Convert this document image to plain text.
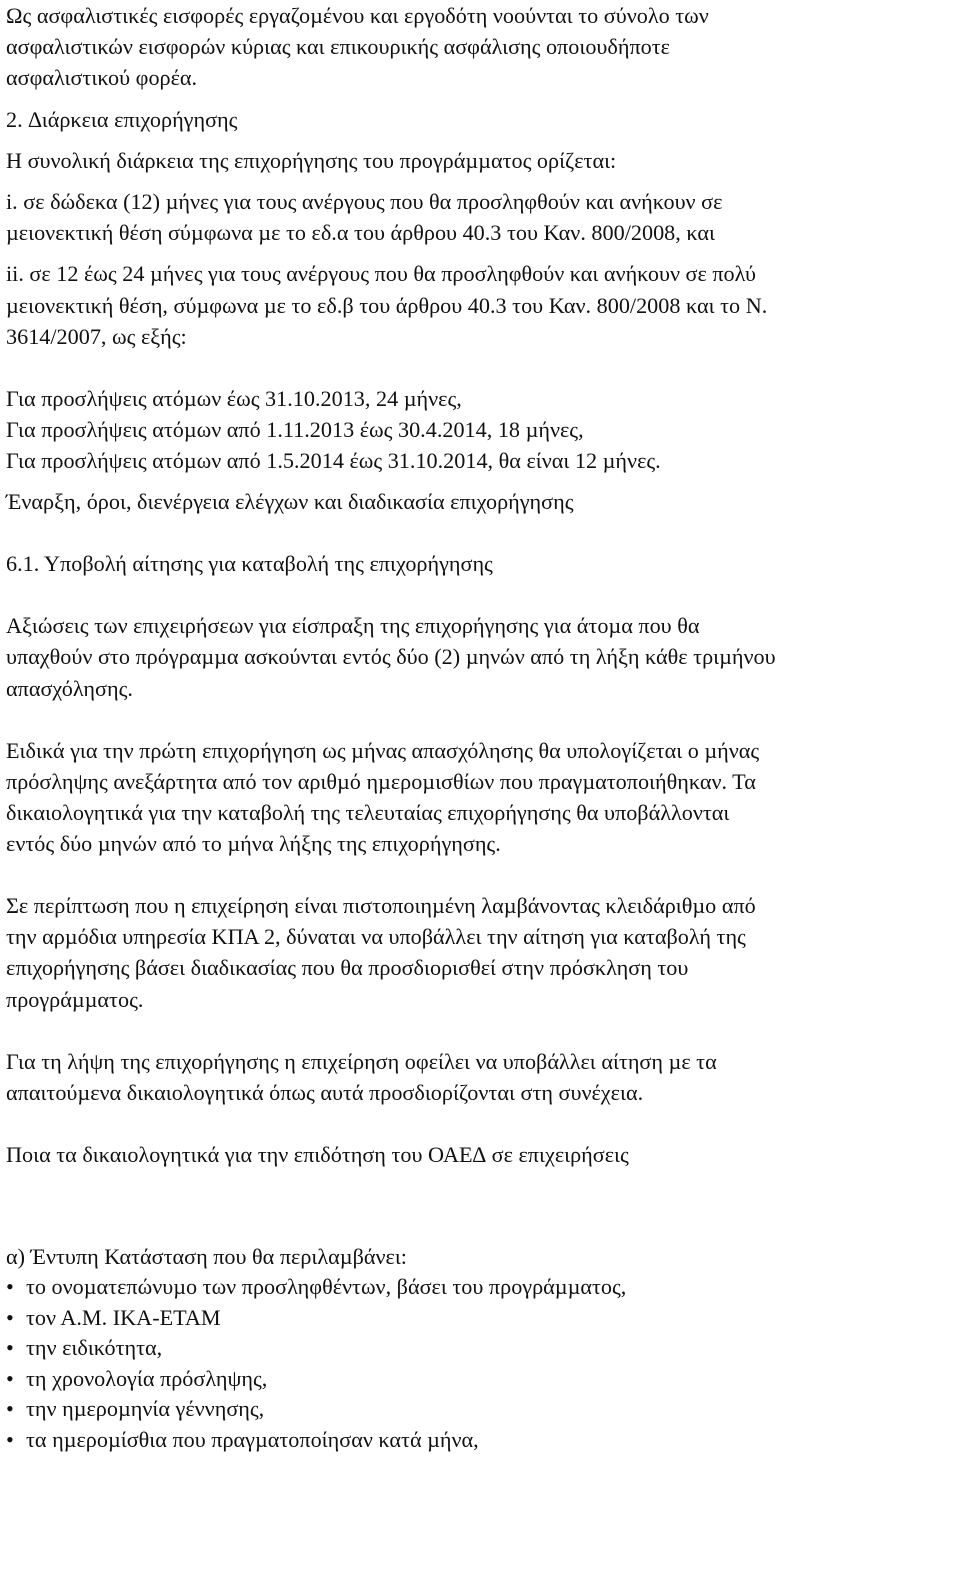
Ως ασφαλιστικές εισφορές εργαζοµένου και εργοδότη νοούνται το σύνολο των
ασφαλιστικών εισφορών κύριας και επικουρικής ασφάλισης οποιουδήποτε
ασφαλιστικού φορέα.
2. ∆ιάρκεια επιχορήγησης
Η συνολική διάρκεια της επιχορήγησης του προγράµµατος ορίζεται:
i. σε δώδεκα (12) µήνες για τους ανέργους που θα προσληφθούν και ανήκουν σε
µειονεκτική θέση σύµφωνα µε το εδ.α του άρθρου 40.3 του Καν. 800/2008, και
ii. σε 12 έως 24 µήνες για τους ανέργους που θα προσληφθούν και ανήκουν σε πολύ
µειονεκτική θέση, σύµφωνα µε το εδ.β του άρθρου 40.3 του Καν. 800/2008 και το Ν.
3614/2007, ως εξής:
Για προσλήψεις ατόµων έως 31.10.2013, 24 µήνες,
Για προσλήψεις ατόµων από 1.11.2013 έως 30.4.2014, 18 µήνες,
Για προσλήψεις ατόµων από 1.5.2014 έως 31.10.2014, θα είναι 12 µήνες.
Έναρξη, όροι, διενέργεια ελέγχων και διαδικασία επιχορήγησης
6.1. Υποβολή αίτησης για καταβολή της επιχορήγησης
Αξιώσεις των επιχειρήσεων για είσπραξη της επιχορήγησης για άτοµα που θα
υπαχθούν στο πρόγραµµα ασκούνται εντός δύο (2) µηνών από τη λήξη κάθε τριµήνου
απασχόλησης.
Ειδικά για την πρώτη επιχορήγηση ως µήνας απασχόλησης θα υπολογίζεται ο µήνας
πρόσληψης ανεξάρτητα από τον αριθµό ηµεροµισθίων που πραγµατοποιήθηκαν. Τα
δικαιολογητικά για την καταβολή της τελευταίας επιχορήγησης θα υποβάλλονται
εντός δύο µηνών από το µήνα λήξης της επιχορήγησης.
Σε περίπτωση που η επιχείρηση είναι πιστοποιηµένη λαµβάνοντας κλειδάριθµο από
την αρµόδια υπηρεσία ΚΠΑ 2, δύναται να υποβάλλει την αίτηση για καταβολή της
επιχορήγησης βάσει διαδικασίας που θα προσδιορισθεί στην πρόσκληση του
προγράµµατος.
Για τη λήψη της επιχορήγησης η επιχείρηση οφείλει να υποβάλλει αίτηση µε τα
απαιτούµενα δικαιολογητικά όπως αυτά προσδιορίζονται στη συνέχεια.
Ποια τα δικαιολογητικά για την επιδότηση του ΟΑΕ∆ σε επιχειρήσεις
α) Έντυπη Κατάσταση που θα περιλαµβάνει:
• το ονοµατεπώνυµο των προσληφθέντων, βάσει του προγράµµατος,
• τον Α.Μ. ΙΚΑ-ΕΤΑΜ
• την ειδικότητα,
• τη χρονολογία πρόσληψης,
• την ηµεροµηνία γέννησης,
• τα ηµεροµίσθια που πραγµατοποίησαν κατά µήνα,
